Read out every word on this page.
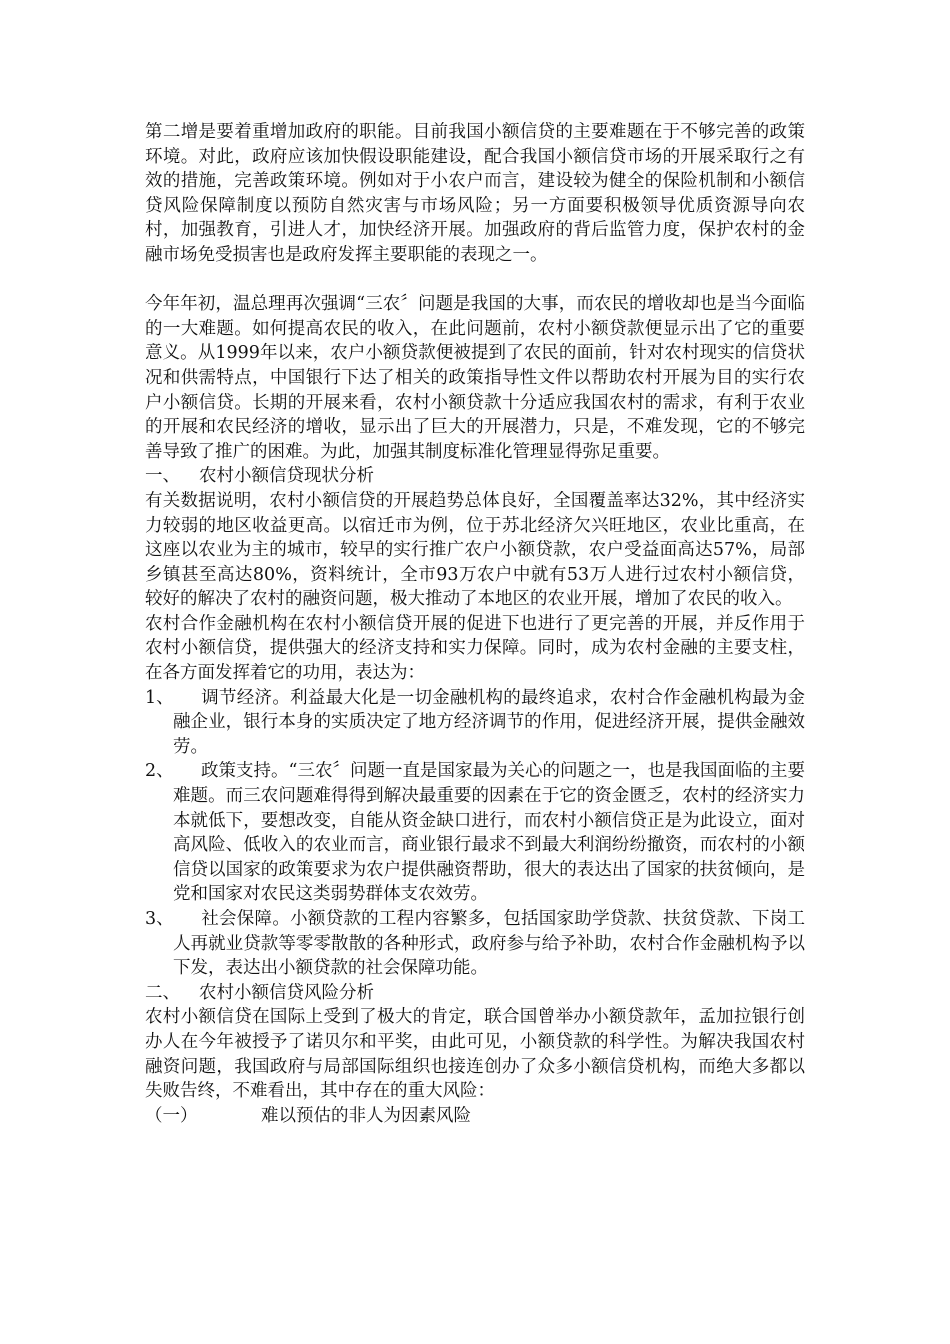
第二增是要着重增加政府的职能。目前我国小额信贷的主要难题在于不够完善的政策环境。对此，政府应该加快假设职能建设，配合我国小额信贷市场的开展采取行之有效的措施，完善政策环境。例如对于小农户而言，建设较为健全的保险机制和小额信贷风险保障制度以预防自然灾害与市场风险；另一方面要积极领导优质资源导向农村，加强教育，引进人才，加快经济开展。加强政府的背后监管力度，保护农村的金融市场免受损害也是政府发挥主要职能的表现之一。

今年年初，温总理再次强调“三农〞问题是我国的大事，而农民的增收却也是当今面临的一大难题。如何提高农民的收入，在此问题前，农村小额贷款便显示出了它的重要意义。从1999年以来，农户小额贷款便被提到了农民的面前，针对农村现实的信贷状况和供需特点，中国银行下达了相关的政策指导性文件以帮助农村开展为目的实行农户小额信贷。长期的开展来看，农村小额贷款十分适应我国农村的需求，有利于农业的开展和农民经济的增收，显示出了巨大的开展潜力，只是，不难发现，它的不够完善导致了推广的困难。为此，加强其制度标准化管理显得弥足重要。

一、	农村小额信贷现状分析

有关数据说明，农村小额信贷的开展趋势总体良好，全国覆盖率达32%，其中经济实力较弱的地区收益更高。以宿迁市为例，位于苏北经济欠兴旺地区，农业比重高，在这座以农业为主的城市，较早的实行推广农户小额贷款，农户受益面高达57%，局部乡镇甚至高达80%，资料统计，全市93万农户中就有53万人进行过农村小额信贷，较好的解决了农村的融资问题，极大推动了本地区的农业开展，增加了农民的收入。

农村合作金融机构在农村小额信贷开展的促进下也进行了更完善的开展，并反作用于农村小额信贷，提供强大的经济支持和实力保障。同时，成为农村金融的主要支柱，在各方面发挥着它的功用，表达为：

1、	调节经济。利益最大化是一切金融机构的最终追求，农村合作金融机构最为金融企业，银行本身的实质决定了地方经济调节的作用，促进经济开展，提供金融效劳。
2、	政策支持。“三农〞问题一直是国家最为关心的问题之一，也是我国面临的主要难题。而三农问题难得得到解决最重要的因素在于它的资金匮乏，农村的经济实力本就低下，要想改变，自能从资金缺口进行，而农村小额信贷正是为此设立，面对高风险、低收入的农业而言，商业银行最求不到最大利润纷纷撤资，而农村的小额信贷以国家的政策要求为农户提供融资帮助，很大的表达出了国家的扶贫倾向，是党和国家对农民这类弱势群体支农效劳。
3、	社会保障。小额贷款的工程内容繁多，包括国家助学贷款、扶贫贷款、下岗工人再就业贷款等零零散散的各种形式，政府参与给予补助，农村合作金融机构予以下发，表达出小额贷款的社会保障功能。
二、	农村小额信贷风险分析

农村小额信贷在国际上受到了极大的肯定，联合国曾举办小额贷款年，孟加拉银行创办人在今年被授予了诺贝尔和平奖，由此可见，小额贷款的科学性。为解决我国农村融资问题，我国政府与局部国际组织也接连创办了众多小额信贷机构，而绝大多都以失败告终，不难看出，其中存在的重大风险：

（一）	难以预估的非人为因素风险
